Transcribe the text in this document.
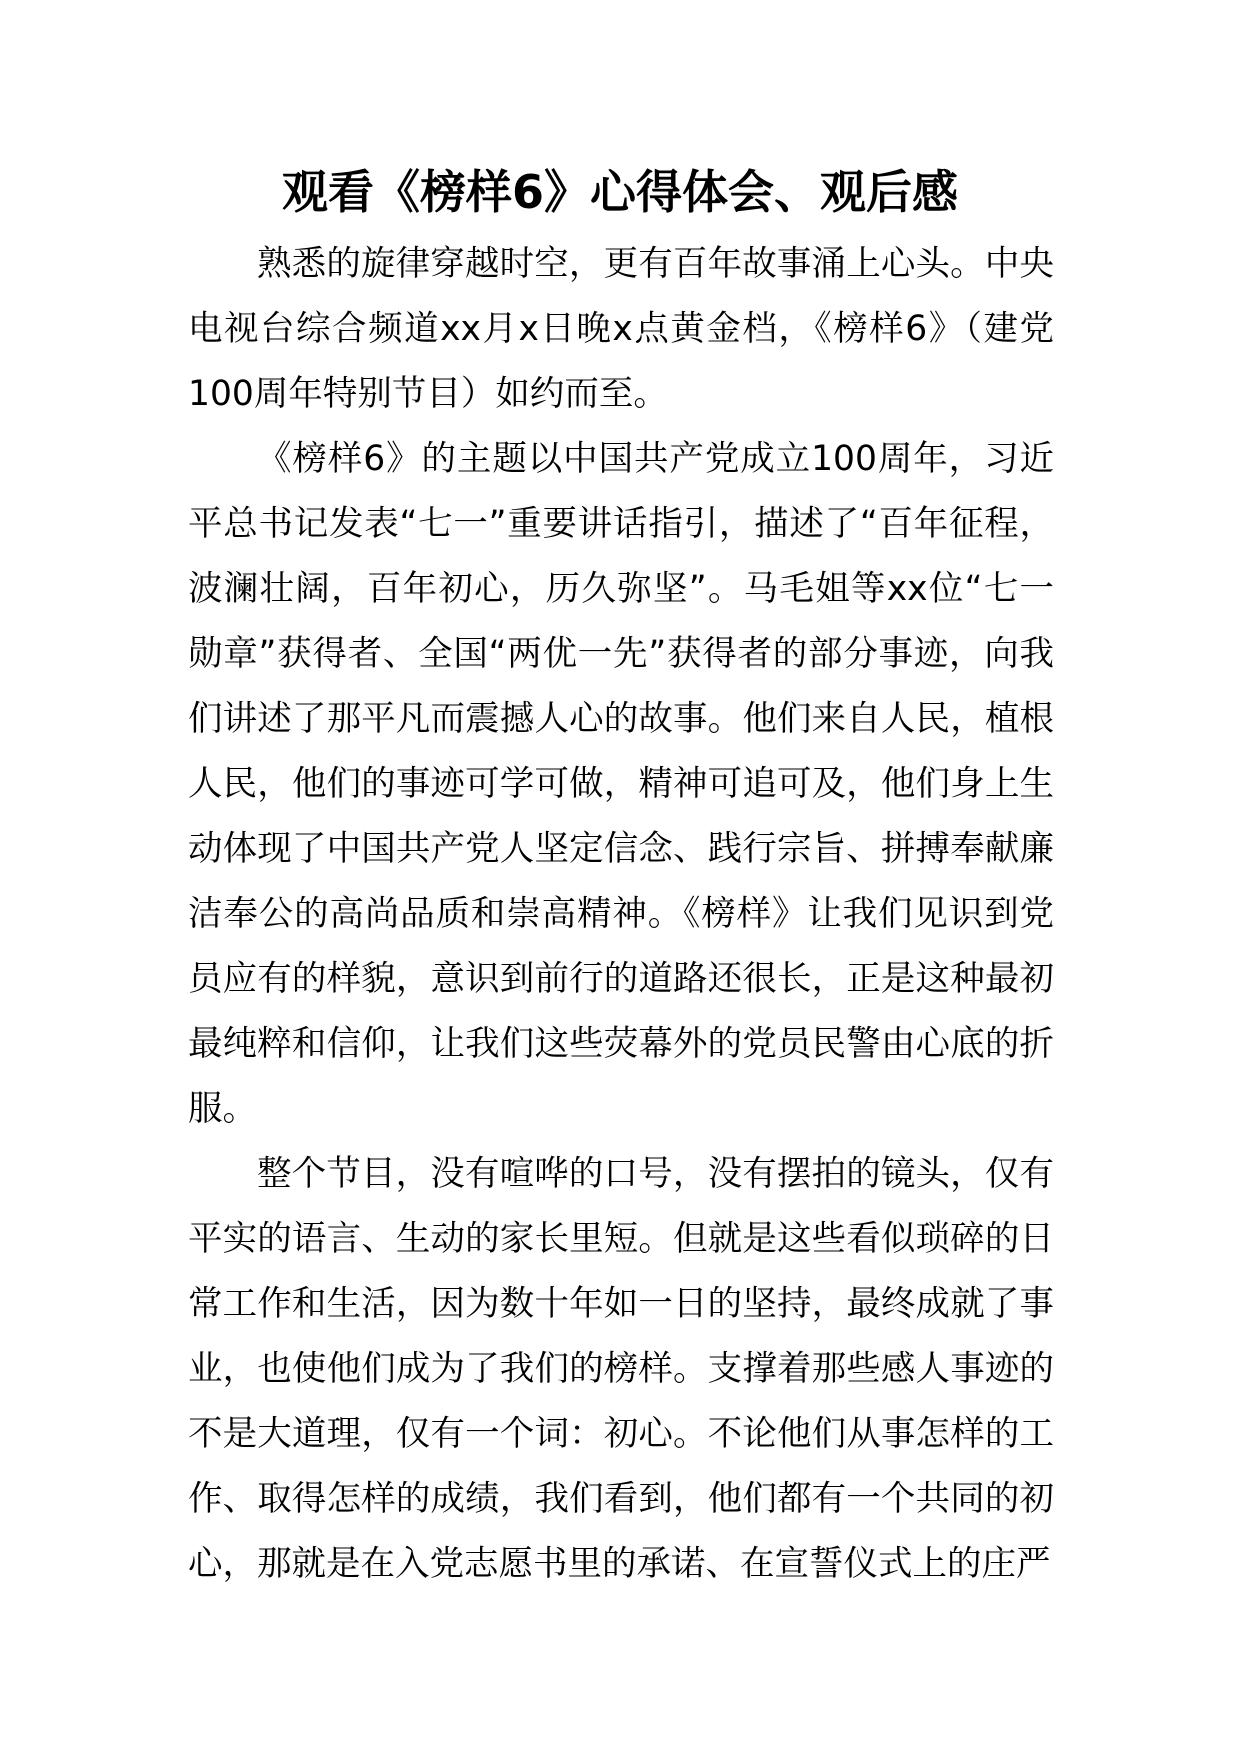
观看《榜样6》心得体会、观后感

熟悉的旋律穿越时空，更有百年故事涌上心头。中央电视台综合频道xx月x日晚x点黄金档，《榜样6》（建党100周年特别节目）如约而至。

《榜样6》的主题以中国共产党成立100周年，习近平总书记发表“七一”重要讲话指引，描述了“百年征程，波澜壮阔，百年初心，历久弥坚”。马毛姐等xx位“七一勋章”获得者、全国“两优一先”获得者的部分事迹，向我们讲述了那平凡而震撼人心的故事。他们来自人民，植根人民，他们的事迹可学可做，精神可追可及，他们身上生动体现了中国共产党人坚定信念、践行宗旨、拼搏奉献廉洁奉公的高尚品质和崇高精神。《榜样》让我们见识到党员应有的样貌，意识到前行的道路还很长，正是这种最初最纯粹和信仰，让我们这些荧幕外的党员民警由心底的折服。

整个节目，没有喧哗的口号，没有摆拍的镜头，仅有平实的语言、生动的家长里短。但就是这些看似琐碎的日常工作和生活，因为数十年如一日的坚持，最终成就了事业，也使他们成为了我们的榜样。支撑着那些感人事迹的不是大道理，仅有一个词：初心。不论他们从事怎样的工作、取得怎样的成绩，我们看到，他们都有一个共同的初心，那就是在入党志愿书里的承诺、在宣誓仪式上的庄严
